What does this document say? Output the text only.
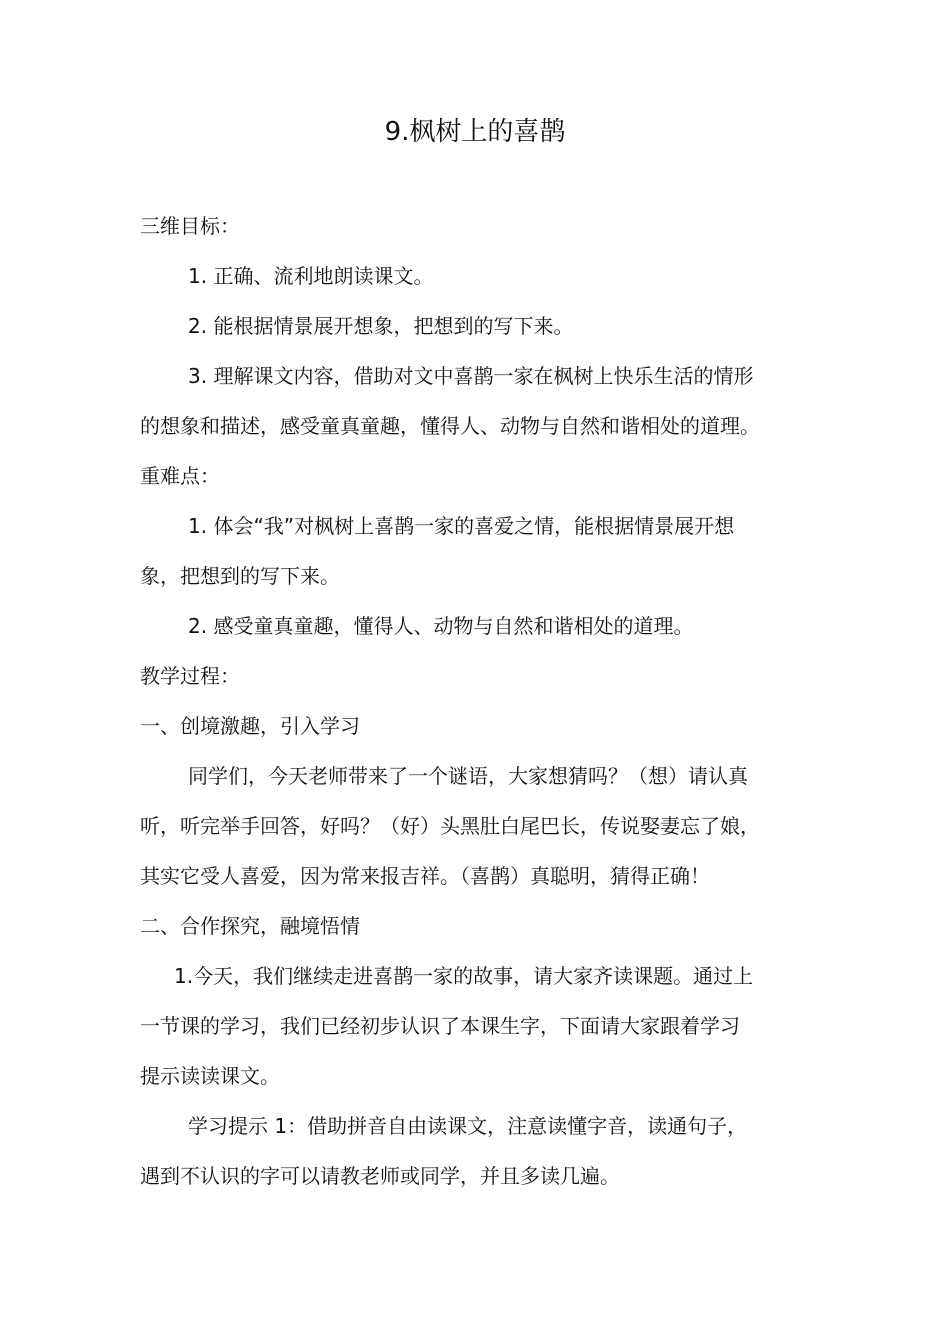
9.枫树上的喜鹊

三维目标：

1. 正确、流利地朗读课文。

2. 能根据情景展开想象，把想到的写下来。

3. 理解课文内容，借助对文中喜鹊一家在枫树上快乐生活的情形

的想象和描述，感受童真童趣，懂得人、动物与自然和谐相处的道理。

重难点：

1. 体会“我”对枫树上喜鹊一家的喜爱之情，能根据情景展开想

象，把想到的写下来。

2. 感受童真童趣，懂得人、动物与自然和谐相处的道理。

教学过程：

一、创境激趣，引入学习

同学们，今天老师带来了一个谜语，大家想猜吗？（想）请认真

听，听完举手回答，好吗？（好）头黑肚白尾巴长，传说娶妻忘了娘，

其实它受人喜爱，因为常来报吉祥。（喜鹊）真聪明，猜得正确！

二、合作探究，融境悟情

1.今天，我们继续走进喜鹊一家的故事，请大家齐读课题。通过上

一节课的学习，我们已经初步认识了本课生字，下面请大家跟着学习

提示读读课文。

学习提示 1：借助拼音自由读课文，注意读懂字音，读通句子，

遇到不认识的字可以请教老师或同学，并且多读几遍。
